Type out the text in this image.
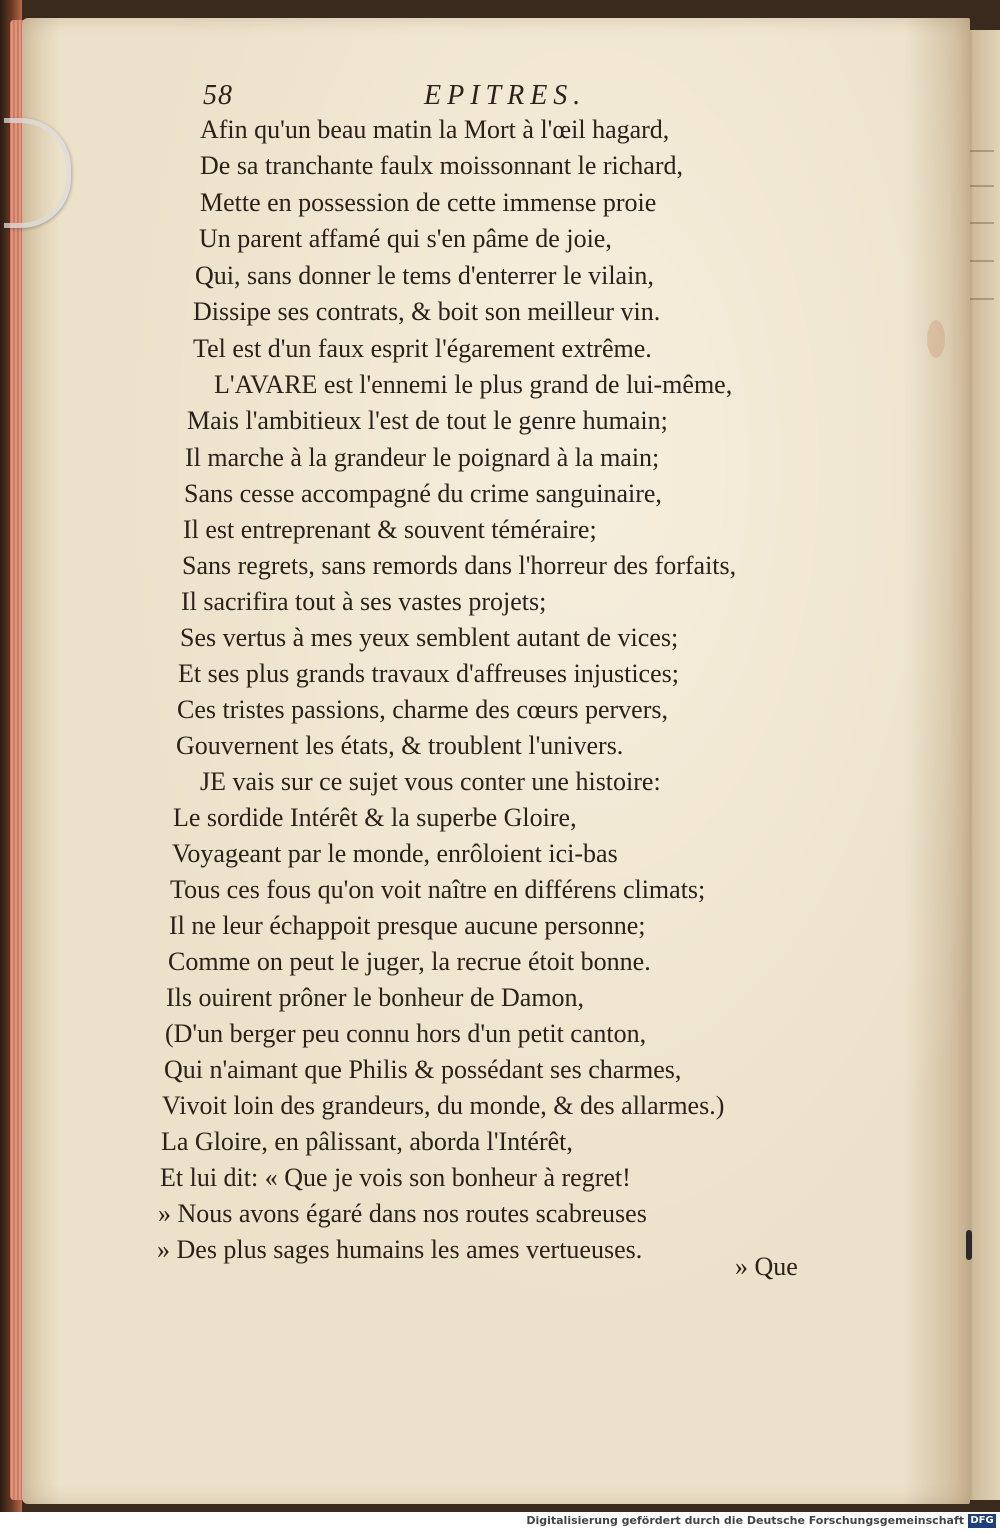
58	EPITRES.
Afin qu'un beau matin la Mort à l'œil hagard,
De sa tranchante faulx moissonnant le richard,
Mette en possession de cette immense proie
Un parent affamé qui s'en pâme de joie,
Qui, sans donner le tems d'enterrer le vilain,
Dissipe ses contrats, & boit son meilleur vin.
Tel est d'un faux esprit l'égarement extrême.
L'AVARE est l'ennemi le plus grand de lui-même,
Mais l'ambitieux l'est de tout le genre humain;
Il marche à la grandeur le poignard à la main;
Sans cesse accompagné du crime sanguinaire,
Il est entreprenant & souvent téméraire;
Sans regrets, sans remords dans l'horreur des forfaits,
Il sacrifira tout à ses vastes projets;
Ses vertus à mes yeux semblent autant de vices;
Et ses plus grands travaux d'affreuses injustices;
Ces tristes passions, charme des cœurs pervers,
Gouvernent les états, & troublent l'univers.
JE vais sur ce sujet vous conter une histoire:
Le sordide Intérêt & la superbe Gloire,
Voyageant par le monde, enrôloient ici-bas
Tous ces fous qu'on voit naître en différens climats;
Il ne leur échappoit presque aucune personne;
Comme on peut le juger, la recrue étoit bonne.
Ils ouirent prôner le bonheur de Damon,
(D'un berger peu connu hors d'un petit canton,
Qui n'aimant que Philis & possédant ses charmes,
Vivoit loin des grandeurs, du monde, & des allarmes.)
La Gloire, en pâlissant, aborda l'Intérêt,
Et lui dit: « Que je vois son bonheur à regret!
» Nous avons égaré dans nos routes scabreuses
» Des plus sages humains les ames vertueuses.
» Que
Digitalisierung gefördert durch die Deutsche Forschungsgemeinschaft DFG
